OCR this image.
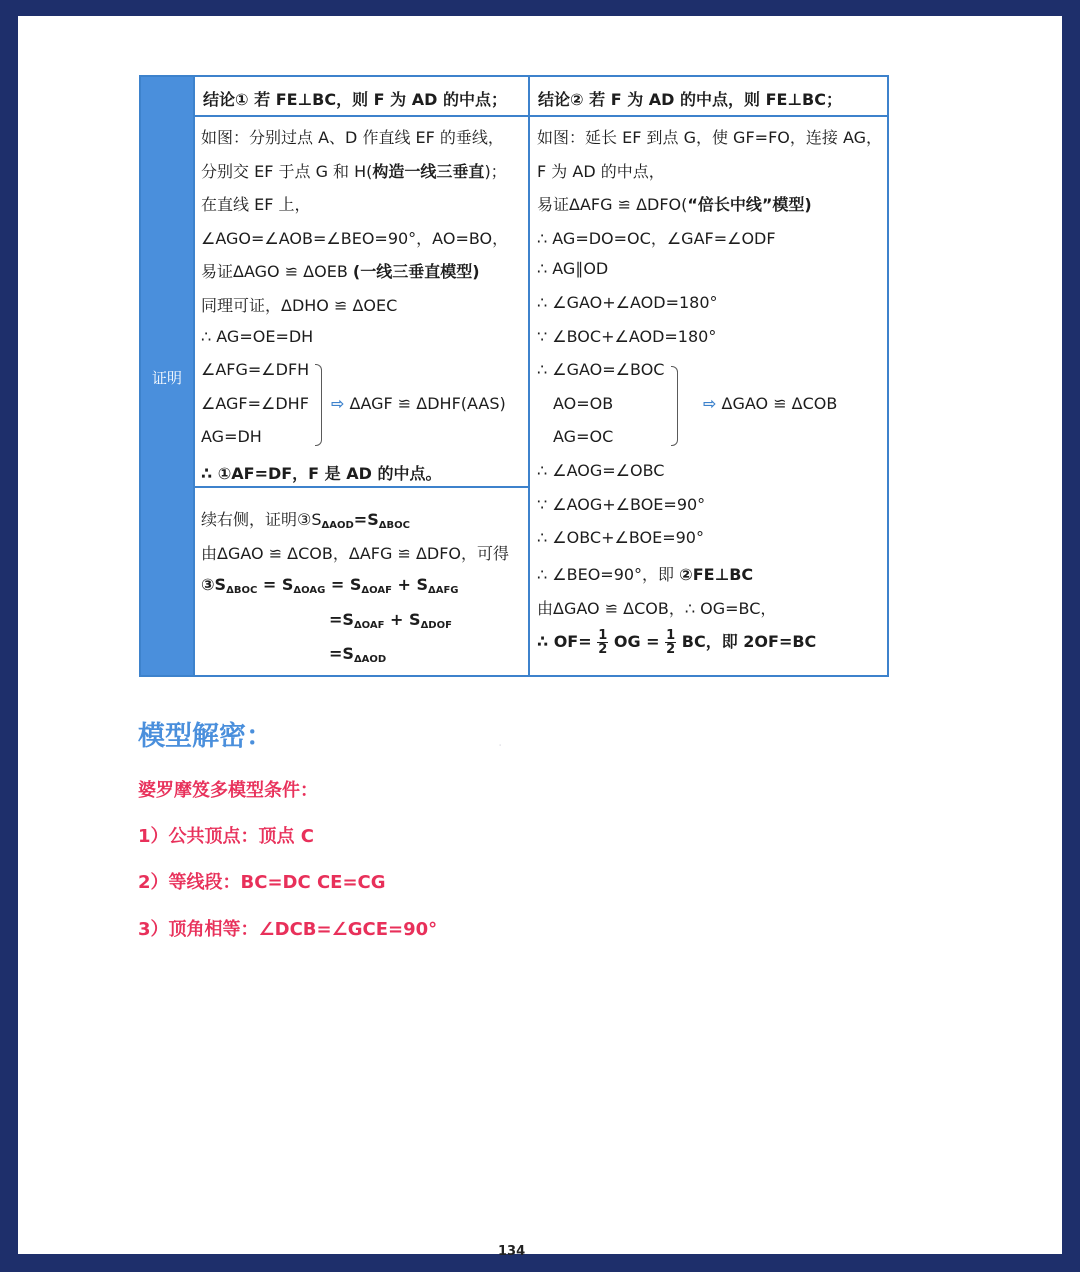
·
证明
结论① 若 FE⊥BC，则 F 为 AD 的中点； 结论② 若 F 为 AD 的中点，则 FE⊥BC；
如图：分别过点 A、D 作直线 EF 的垂线，
分别交 EF 于点 G 和 H(构造一线三垂直)；
在直线 EF 上，
∠AGO=∠AOB=∠BEO=90°，AO=BO，
易证ΔAGO ≌ ΔOEB (一线三垂直模型)
同理可证，ΔDHO ≌ ΔOEC
∴ AG=OE=DH
∠AFG=∠DFH
∠AGF=∠DHF
AG=DH
⇨ ΔAGF ≌ ΔDHF(AAS)
∴ ①AF=DF，F 是 AD 的中点。
续右侧，证明$③S_{\Delta AOD}=S_{\Delta BOC}$
由ΔGAO ≌ ΔCOB，ΔAFG ≌ ΔDFO，可得
$③S_{\Delta BOC} = S_{\Delta OAG} = S_{\Delta OAF} + S_{\Delta AFG}$
$=S_{\Delta OAF} + S_{\Delta DOF}$
$=S_{\Delta AOD}$
如图：延长 EF 到点 G，使 GF=FO，连接 AG，
F 为 AD 的中点，
易证ΔAFG ≌ ΔDFO(“倍长中线”模型)
∴ AG=DO=OC，∠GAF=∠ODF
∴ AG∥OD
∴ ∠GAO+∠AOD=180°
∵ ∠BOC+∠AOD=180°
∴ ∠GAO=∠BOC
AO=OB
AG=OC
⇨ ΔGAO ≌ ΔCOB
∴ ∠AOG=∠OBC
∵ ∠AOG+∠BOE=90°
∴ ∠OBC+∠BOE=90°
∴ ∠BEO=90°，即 ②FE⊥BC
由ΔGAO ≌ ΔCOB，∴ OG=BC，
∴ $OF= \frac{1}{2}$ OG = $\frac{1}{2}$ BC，即 2OF=BC
模型解密：
婆罗摩笈多模型条件：
1）公共顶点：顶点 C
2）等线段：BC=DC CE=CG
3）顶角相等：∠DCB=∠GCE=90°
134
